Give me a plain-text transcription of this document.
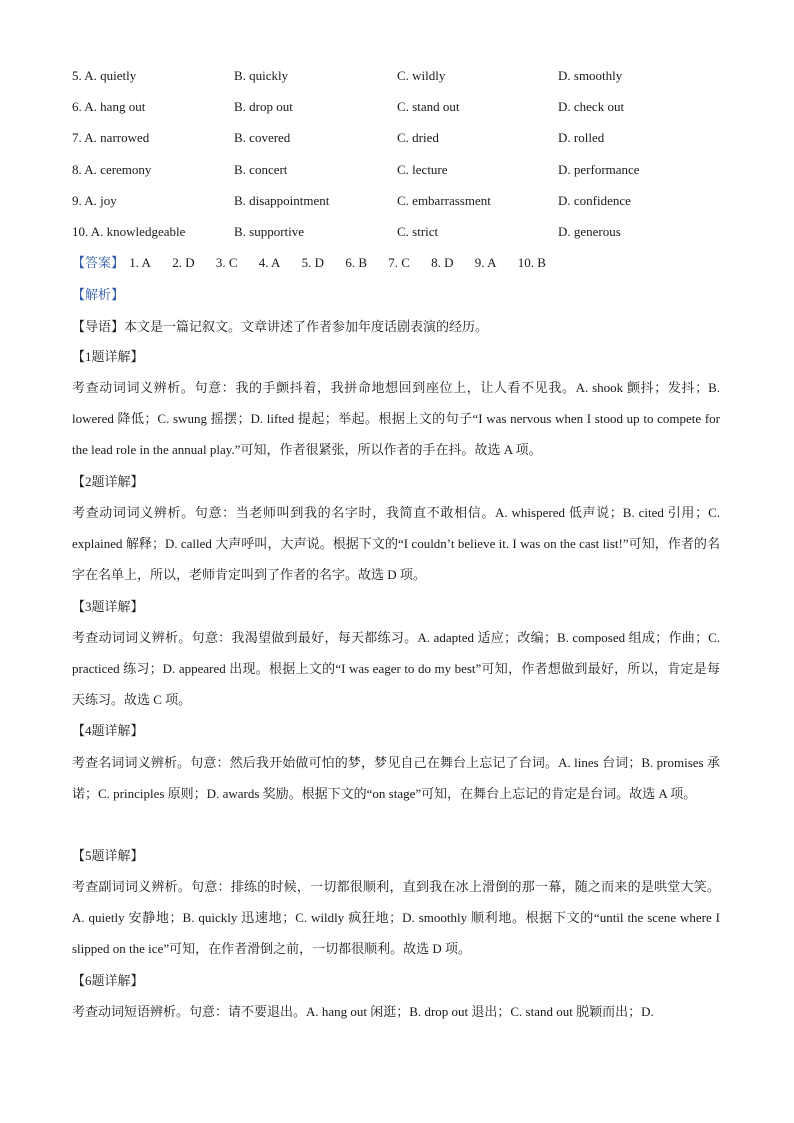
5. A. quietly	B. quickly	C. wildly	D. smoothly
6. A. hang out	B. drop out	C. stand out	D. check out
7. A. narrowed	B. covered	C. dried	D. rolled
8. A. ceremony	B. concert	C. lecture	D. performance
9. A. joy	B. disappointment	C. embarrassment	D. confidence
10. A. knowledgeable	B. supportive	C. strict	D. generous
【答案】 1. A 2. D 3. C 4. A 5. D 6. B 7. C 8. D 9. A 10. B
【解析】
【导语】本文是一篇记叙文。文章讲述了作者参加年度话剧表演的经历。
【1题详解】
考查动词词义辨析。句意：我的手颤抖着，我拼命地想回到座位上，让人看不见我。A. shook 颤抖；发抖；B. lowered 降低；C. swung 摇摆；D. lifted 提起；举起。根据上文的句子“I was nervous when I stood up to compete for the lead role in the annual play.”可知，作者很紧张，所以作者的手在抖。故选 A 项。
【2题详解】
考查动词词义辨析。句意：当老师叫到我的名字时，我简直不敢相信。A. whispered 低声说；B. cited 引用；C. explained 解释；D. called 大声呼叫，大声说。根据下文的“I couldn’t believe it. I was on the cast list!”可知，作者的名字在名单上，所以，老师肯定叫到了作者的名字。故选 D 项。
【3题详解】
考查动词词义辨析。句意：我渴望做到最好，每天都练习。A. adapted 适应；改编；B. composed 组成；作曲；C. practiced 练习；D. appeared 出现。根据上文的“I was eager to do my best”可知，作者想做到最好，所以，肯定是每天练习。故选 C 项。
【4题详解】
考查名词词义辨析。句意：然后我开始做可怕的梦，梦见自己在舞台上忘记了台词。A. lines 台词；B. promises 承诺；C. principles 原则；D. awards 奖励。根据下文的“on stage”可知，在舞台上忘记的肯定是台词。故选 A 项。
【5题详解】
考查副词词义辨析。句意：排练的时候，一切都很顺利，直到我在冰上滑倒的那一幕，随之而来的是哄堂大笑。A. quietly 安静地；B. quickly 迅速地；C. wildly 疯狂地；D. smoothly 顺利地。根据下文的“until the scene where I slipped on the ice”可知，在作者滑倒之前，一切都很顺利。故选 D 项。
【6题详解】
考查动词短语辨析。句意：请不要退出。A. hang out 闲逛；B. drop out 退出；C. stand out 脱颖而出；D.
